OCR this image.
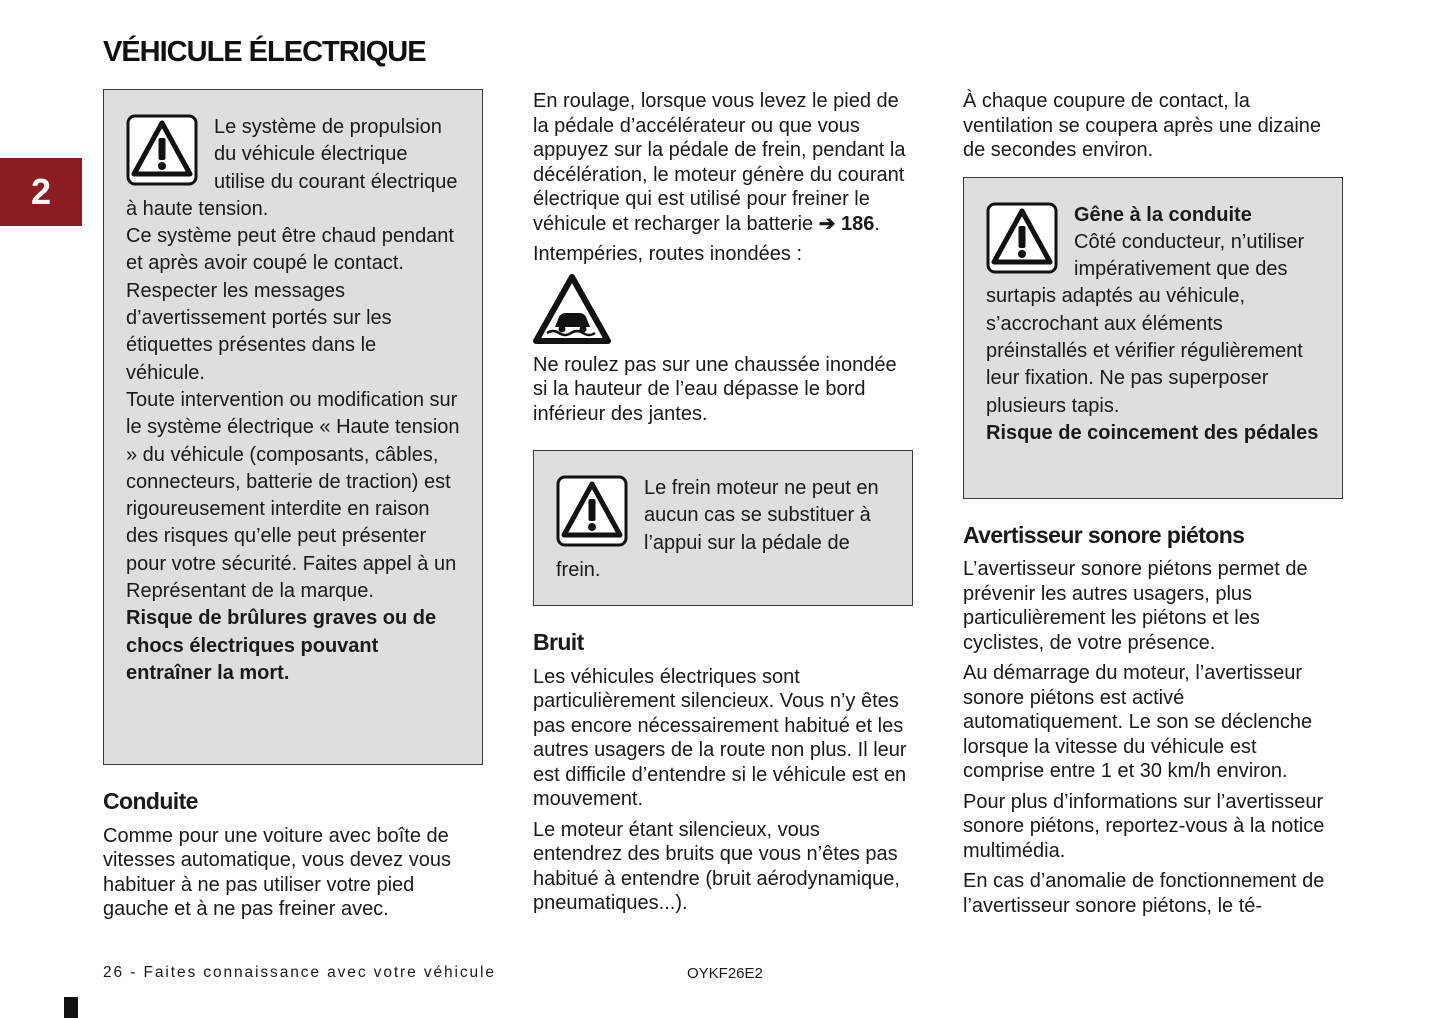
VÉHICULE ÉLECTRIQUE
2

Le système de propulsion du véhicule électrique utilise du courant électrique à haute tension.

Ce système peut être chaud pendant et après avoir coupé le contact. Respecter les messages d’avertissement portés sur les étiquettes présentes dans le véhicule.

Toute intervention ou modification sur le système électrique « Haute tension » du véhicule (composants, câbles, connecteurs, batterie de traction) est rigoureusement interdite en raison des risques qu’elle peut présenter pour votre sécurité. Faites appel à un Représentant de la marque.

Risque de brûlures graves ou de chocs électriques pouvant entraîner la mort.

Conduite

Comme pour une voiture avec boîte de vitesses automatique, vous devez vous habituer à ne pas utiliser votre pied gauche et à ne pas freiner avec.

En roulage, lorsque vous levez le pied de la pédale d’accélérateur ou que vous appuyez sur la pédale de frein, pendant la décélération, le moteur génère du courant électrique qui est utilisé pour freiner le véhicule et recharger la batterie ➔ 186.

Intempéries, routes inondées :

Ne roulez pas sur une chaussée inondée si la hauteur de l’eau dépasse le bord inférieur des jantes.

Le frein moteur ne peut en aucun cas se substituer à l’appui sur la pédale de frein.

Bruit

Les véhicules électriques sont particulièrement silencieux. Vous n’y êtes pas encore nécessairement habitué et les autres usagers de la route non plus. Il leur est difficile d’entendre si le véhicule est en mouvement.

Le moteur étant silencieux, vous entendrez des bruits que vous n’êtes pas habitué à entendre (bruit aérodynamique, pneumatiques...).

À chaque coupure de contact, la ventilation se coupera après une dizaine de secondes environ.

Gêne à la conduite

Côté conducteur, n’utiliser impérativement que des surtapis adaptés au véhicule, s’accrochant aux éléments préinstallés et vérifier régulièrement leur fixation. Ne pas superposer plusieurs tapis.

Risque de coincement des pédales

Avertisseur sonore piétons

L’avertisseur sonore piétons permet de prévenir les autres usagers, plus particulièrement les piétons et les cyclistes, de votre présence.

Au démarrage du moteur, l’avertisseur sonore piétons est activé automatiquement. Le son se déclenche lorsque la vitesse du véhicule est comprise entre 1 et 30 km/h environ.

Pour plus d’informations sur l’avertisseur sonore piétons, reportez-vous à la notice multimédia.

En cas d’anomalie de fonctionnement de l’avertisseur sonore piétons, le té-

26 - Faites connaissance avec votre véhicule	OYKF26E2
